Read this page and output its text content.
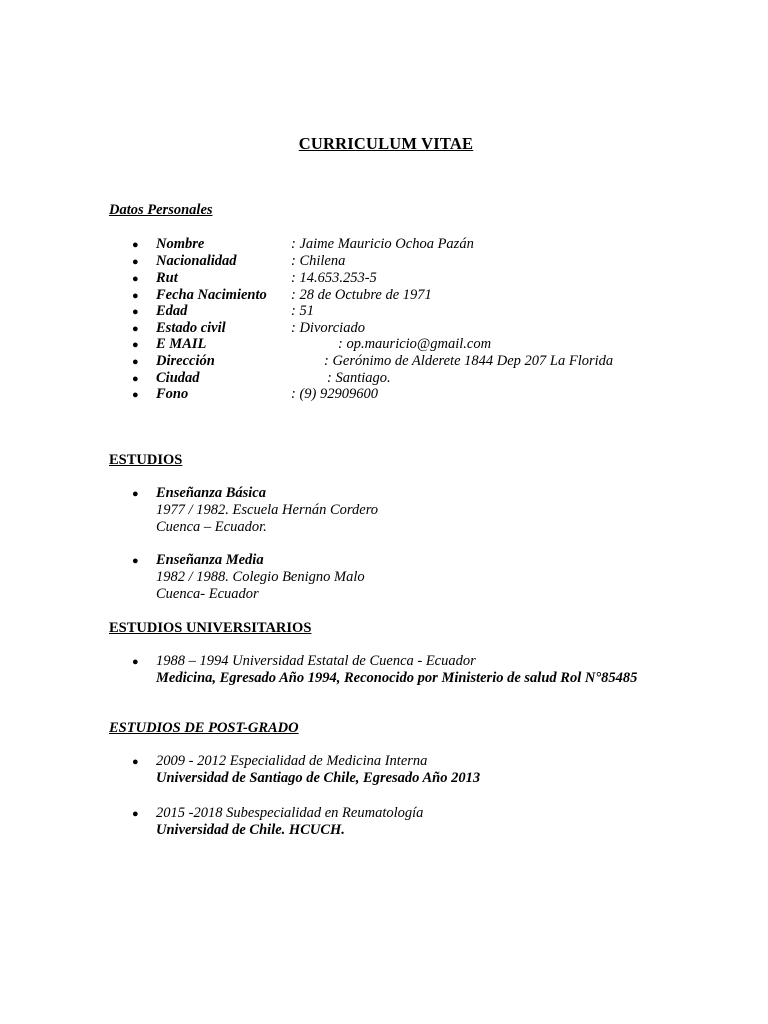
CURRICULUM VITAE
Datos Personales
● Nombre	: Jaime Mauricio Ochoa Pazán
● Nacionalidad	: Chilena
● Rut	: 14.653.253-5
● Fecha Nacimiento : 28 de Octubre de 1971
● Edad	: 51
● Estado civil	: Divorciado
● E MAIL	: op.mauricio@gmail.com
● Dirección	: Gerónimo de Alderete 1844 Dep 207 La Florida
● Ciudad	: Santiago.
● Fono	: (9) 92909600
ESTUDIOS
● Enseñanza Básica
1977 / 1982. Escuela Hernán Cordero
Cuenca – Ecuador.
● Enseñanza Media
1982 / 1988. Colegio Benigno Malo
Cuenca- Ecuador
ESTUDIOS UNIVERSITARIOS
● 1988 – 1994 Universidad Estatal de Cuenca - Ecuador
Medicina, Egresado Año 1994, Reconocido por Ministerio de salud Rol N°85485
ESTUDIOS DE POST-GRADO
● 2009 - 2012 Especialidad de Medicina Interna
Universidad de Santiago de Chile, Egresado Año 2013
● 2015 -2018 Subespecialidad en Reumatología
Universidad de Chile. HCUCH.
